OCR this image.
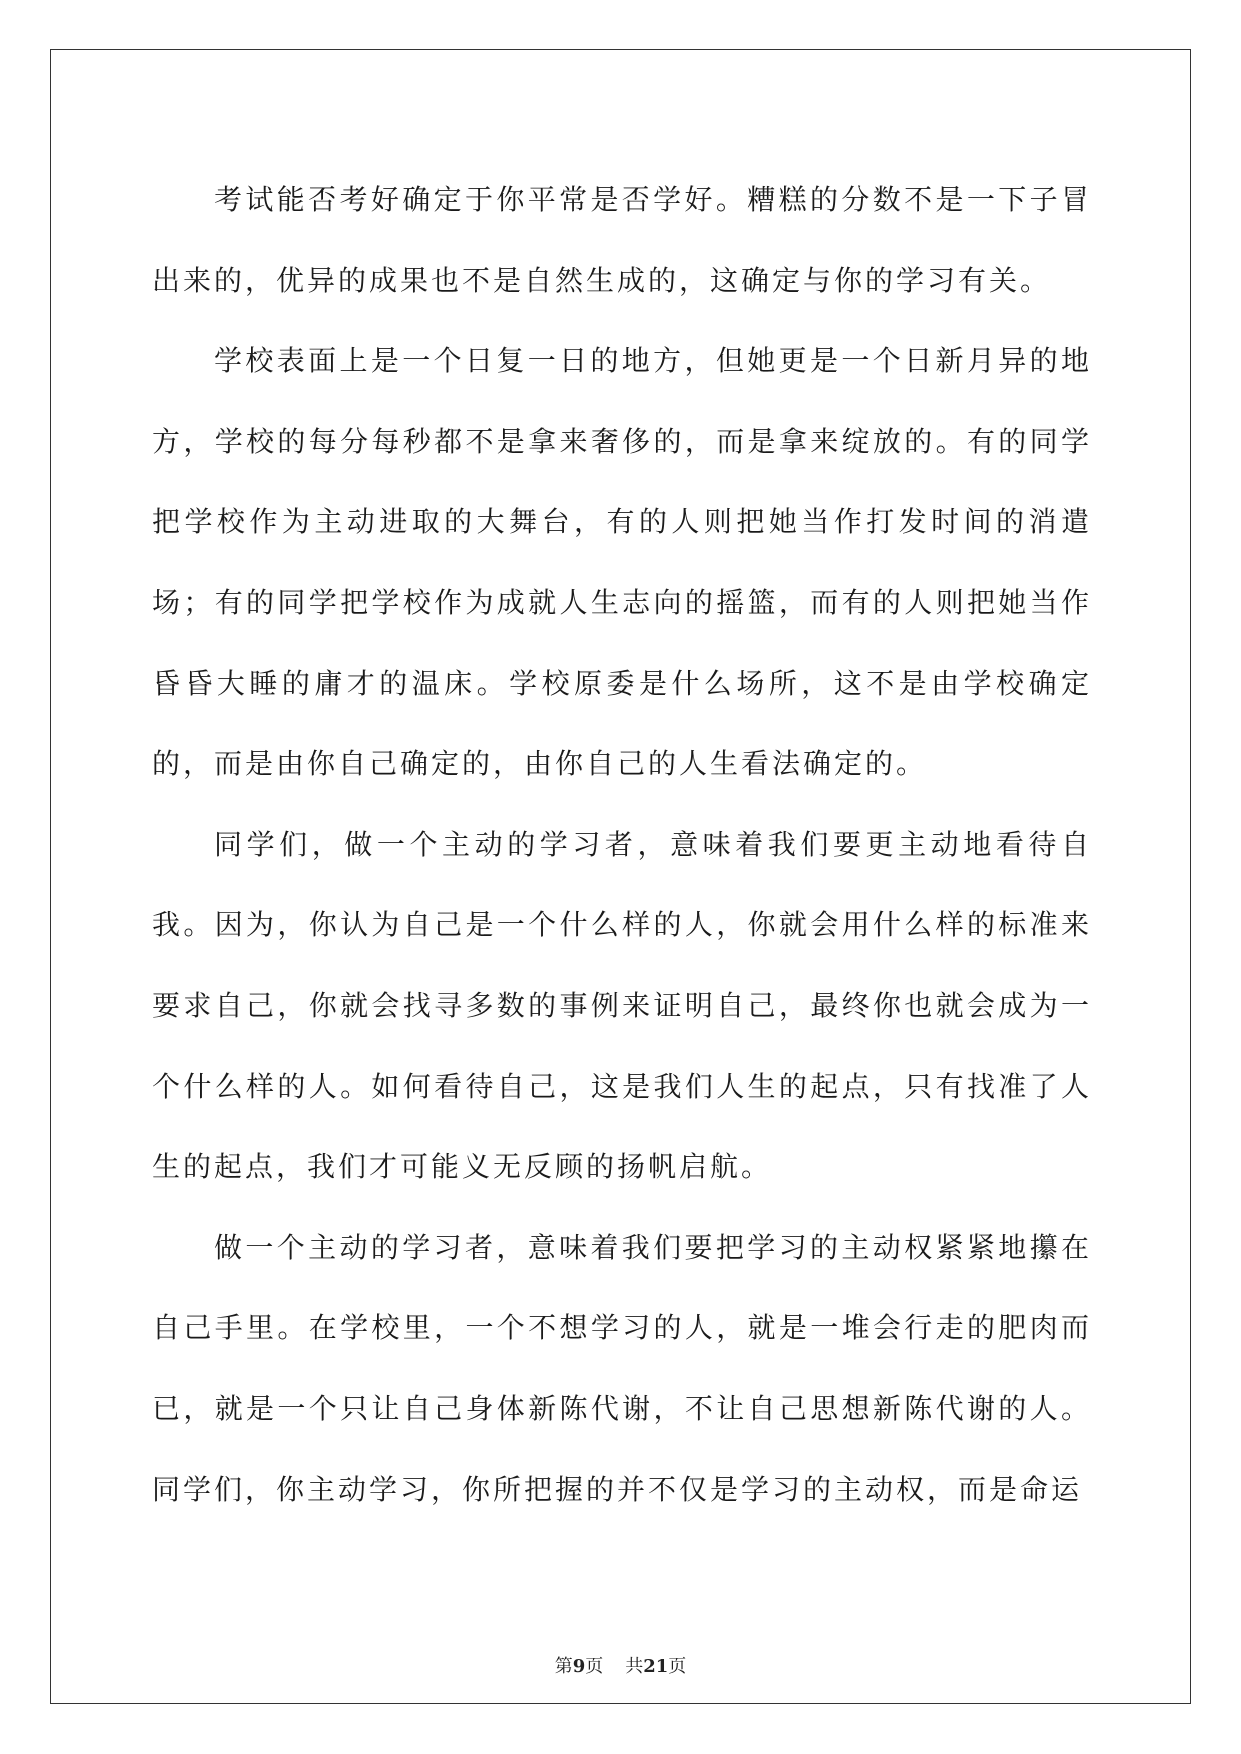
考试能否考好确定于你平常是否学好。糟糕的分数不是一下子冒出来的，优异的成果也不是自然生成的，这确定与你的学习有关。

学校表面上是一个日复一日的地方，但她更是一个日新月异的地方，学校的每分每秒都不是拿来奢侈的，而是拿来绽放的。有的同学把学校作为主动进取的大舞台，有的人则把她当作打发时间的消遣场；有的同学把学校作为成就人生志向的摇篮，而有的人则把她当作昏昏大睡的庸才的温床。学校原委是什么场所，这不是由学校确定的，而是由你自己确定的，由你自己的人生看法确定的。

同学们，做一个主动的学习者，意味着我们要更主动地看待自我。因为，你认为自己是一个什么样的人，你就会用什么样的标准来要求自己，你就会找寻多数的事例来证明自己，最终你也就会成为一个什么样的人。如何看待自己，这是我们人生的起点，只有找准了人生的起点，我们才可能义无反顾的扬帆启航。

做一个主动的学习者，意味着我们要把学习的主动权紧紧地攥在自己手里。在学校里，一个不想学习的人，就是一堆会行走的肥肉而已，就是一个只让自己身体新陈代谢，不让自己思想新陈代谢的人。同学们，你主动学习，你所把握的并不仅是学习的主动权，而是命运

第9页 共21页
